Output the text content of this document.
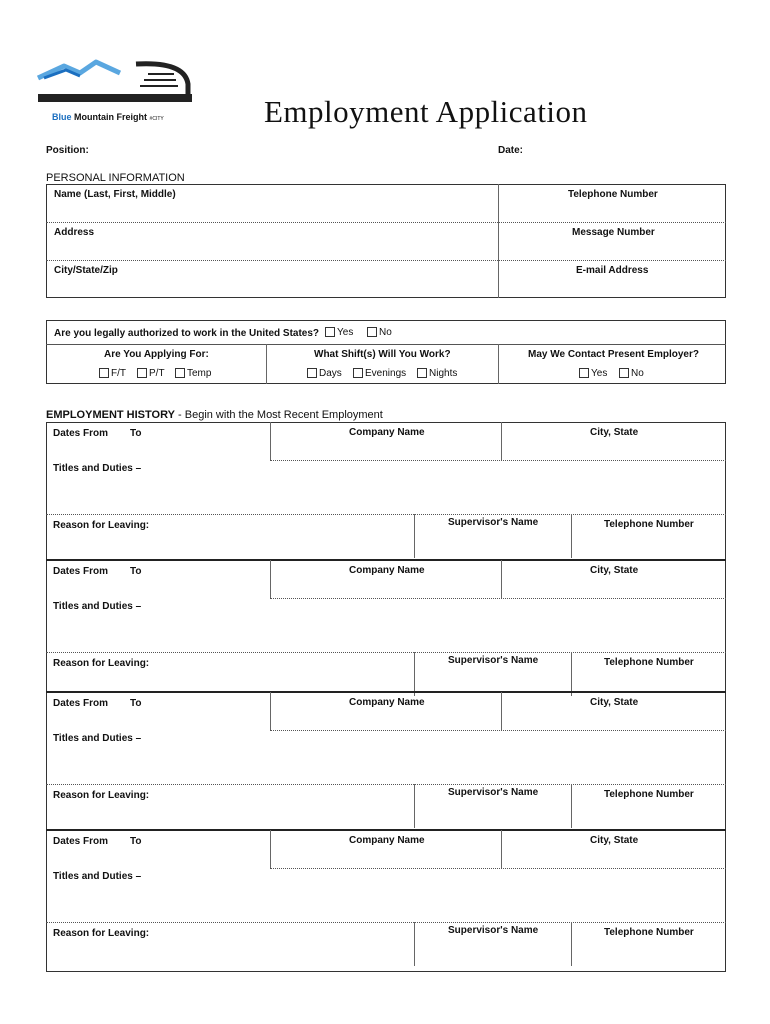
Blue Mountain Freight #CITY	Employment Application
Position:	Date:
PERSONAL INFORMATION
Name (Last, First, Middle)	Telephone Number
Address	Message Number
City/State/Zip	E-mail Address
Are you legally authorized to work in the United States?	Yes	No
Are You Applying For:
F/T	P/T	Temp
What Shift(s) Will You Work?
Days	Evenings	Nights
May We Contact Present Employer?
Yes	No
EMPLOYMENT HISTORY - Begin with the Most Recent Employment
Dates From To	Company Name	City, State
Titles and Duties –
Reason for Leaving:	Supervisor's Name	Telephone Number
Dates From To	Company Name	City, State
Titles and Duties –
Reason for Leaving:	Supervisor's Name	Telephone Number
Dates From To	Company Name	City, State
Titles and Duties –
Reason for Leaving:	Supervisor's Name	Telephone Number
Dates From To	Company Name	City, State
Titles and Duties –
Reason for Leaving:	Supervisor's Name	Telephone Number
